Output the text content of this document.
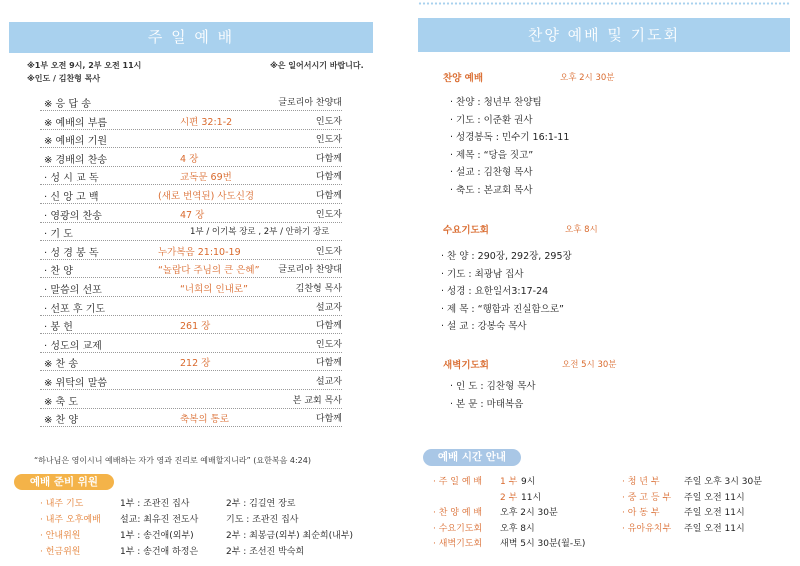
주 일 예 배
※1부 오전 9시, 2부 오전 11시	※은 일어서시기 바랍니다.
※인도 / 김찬형 목사
※ 응 답 송	글로리아 찬양대
※ 예배의 부름	시편 32:1-2	인도자
※ 예배의 기원	인도자
※ 경배의 찬송	4 장	다함께
· 성 시 교 독	교독문 69번	다함께
· 신 앙 고 백	(새로 번역된) 사도신경	다함께
· 영광의 찬송	47 장	인도자
· 기 도	1부 / 이기복 장로 , 2부 / 안하기 장로
· 성 경 봉 독	누가복음 21:10-19	인도자
· 찬 양	“놀랍다 주님의 큰 은혜” 글로리아 찬양대
· 말씀의 선포	“너희의 인내로”	김찬형 목사
· 선포 후 기도	설교자
· 봉 헌	261 장	다함께
· 성도의 교제	인도자
※ 찬 송	212 장	다함께
※ 위탁의 말씀	설교자
※ 축 도	본 교회 목사
※ 찬 양	축복의 통로	다함께
“하나님은 영이시니 예배하는 자가 영과 진리로 예배할지니라” (요한복음 4:24)
예배 준비 위원
· 내주 기도	1부 : 조관진 집사	2부 : 김길연 장로
· 내주 오후예배 설교: 최유진 전도사	기도 : 조관진 집사
· 안내위원	1부 : 송건애(외부)	2부 : 최봉금(외부) 최순희(내부)
· 헌금위원	1부 : 송건애 하정은	2부 : 조선진 박숙희
찬양 예배 및 기도회
찬양 예배	오후 2시 30분
· 찬양 : 청년부 찬양팀
· 기도 : 이준환 권사
· 성경봉독 : 민수기 16:1-11
· 제목 : “당을 짓고”
· 설교 : 김찬형 목사
· 축도 : 본교회 목사
수요기도회	오후 8시
· 찬 양 : 290장, 292장, 295장
· 기도 : 최광남 집사
· 성경 : 요한일서3:17-24
· 제 목 : “행함과 진실함으로”
· 설 교 : 강봉숙 목사
새벽기도회	오전 5시 30분
· 인 도 : 김찬형 목사
· 본 문 : 마태복음
예배 시간 안내
· 주 일 예 배 1 부 9시
2 부 11시
· 찬 양 예 배 오후 2시 30분
· 수요기도회 오후 8시
· 새벽기도회 새벽 5시 30분(월-토)
· 청 년 부	주일 오후 3시 30분
· 중 고 등 부 주일 오전 11시
· 아 동 부	주일 오전 11시
· 유아유치부 주일 오전 11시
